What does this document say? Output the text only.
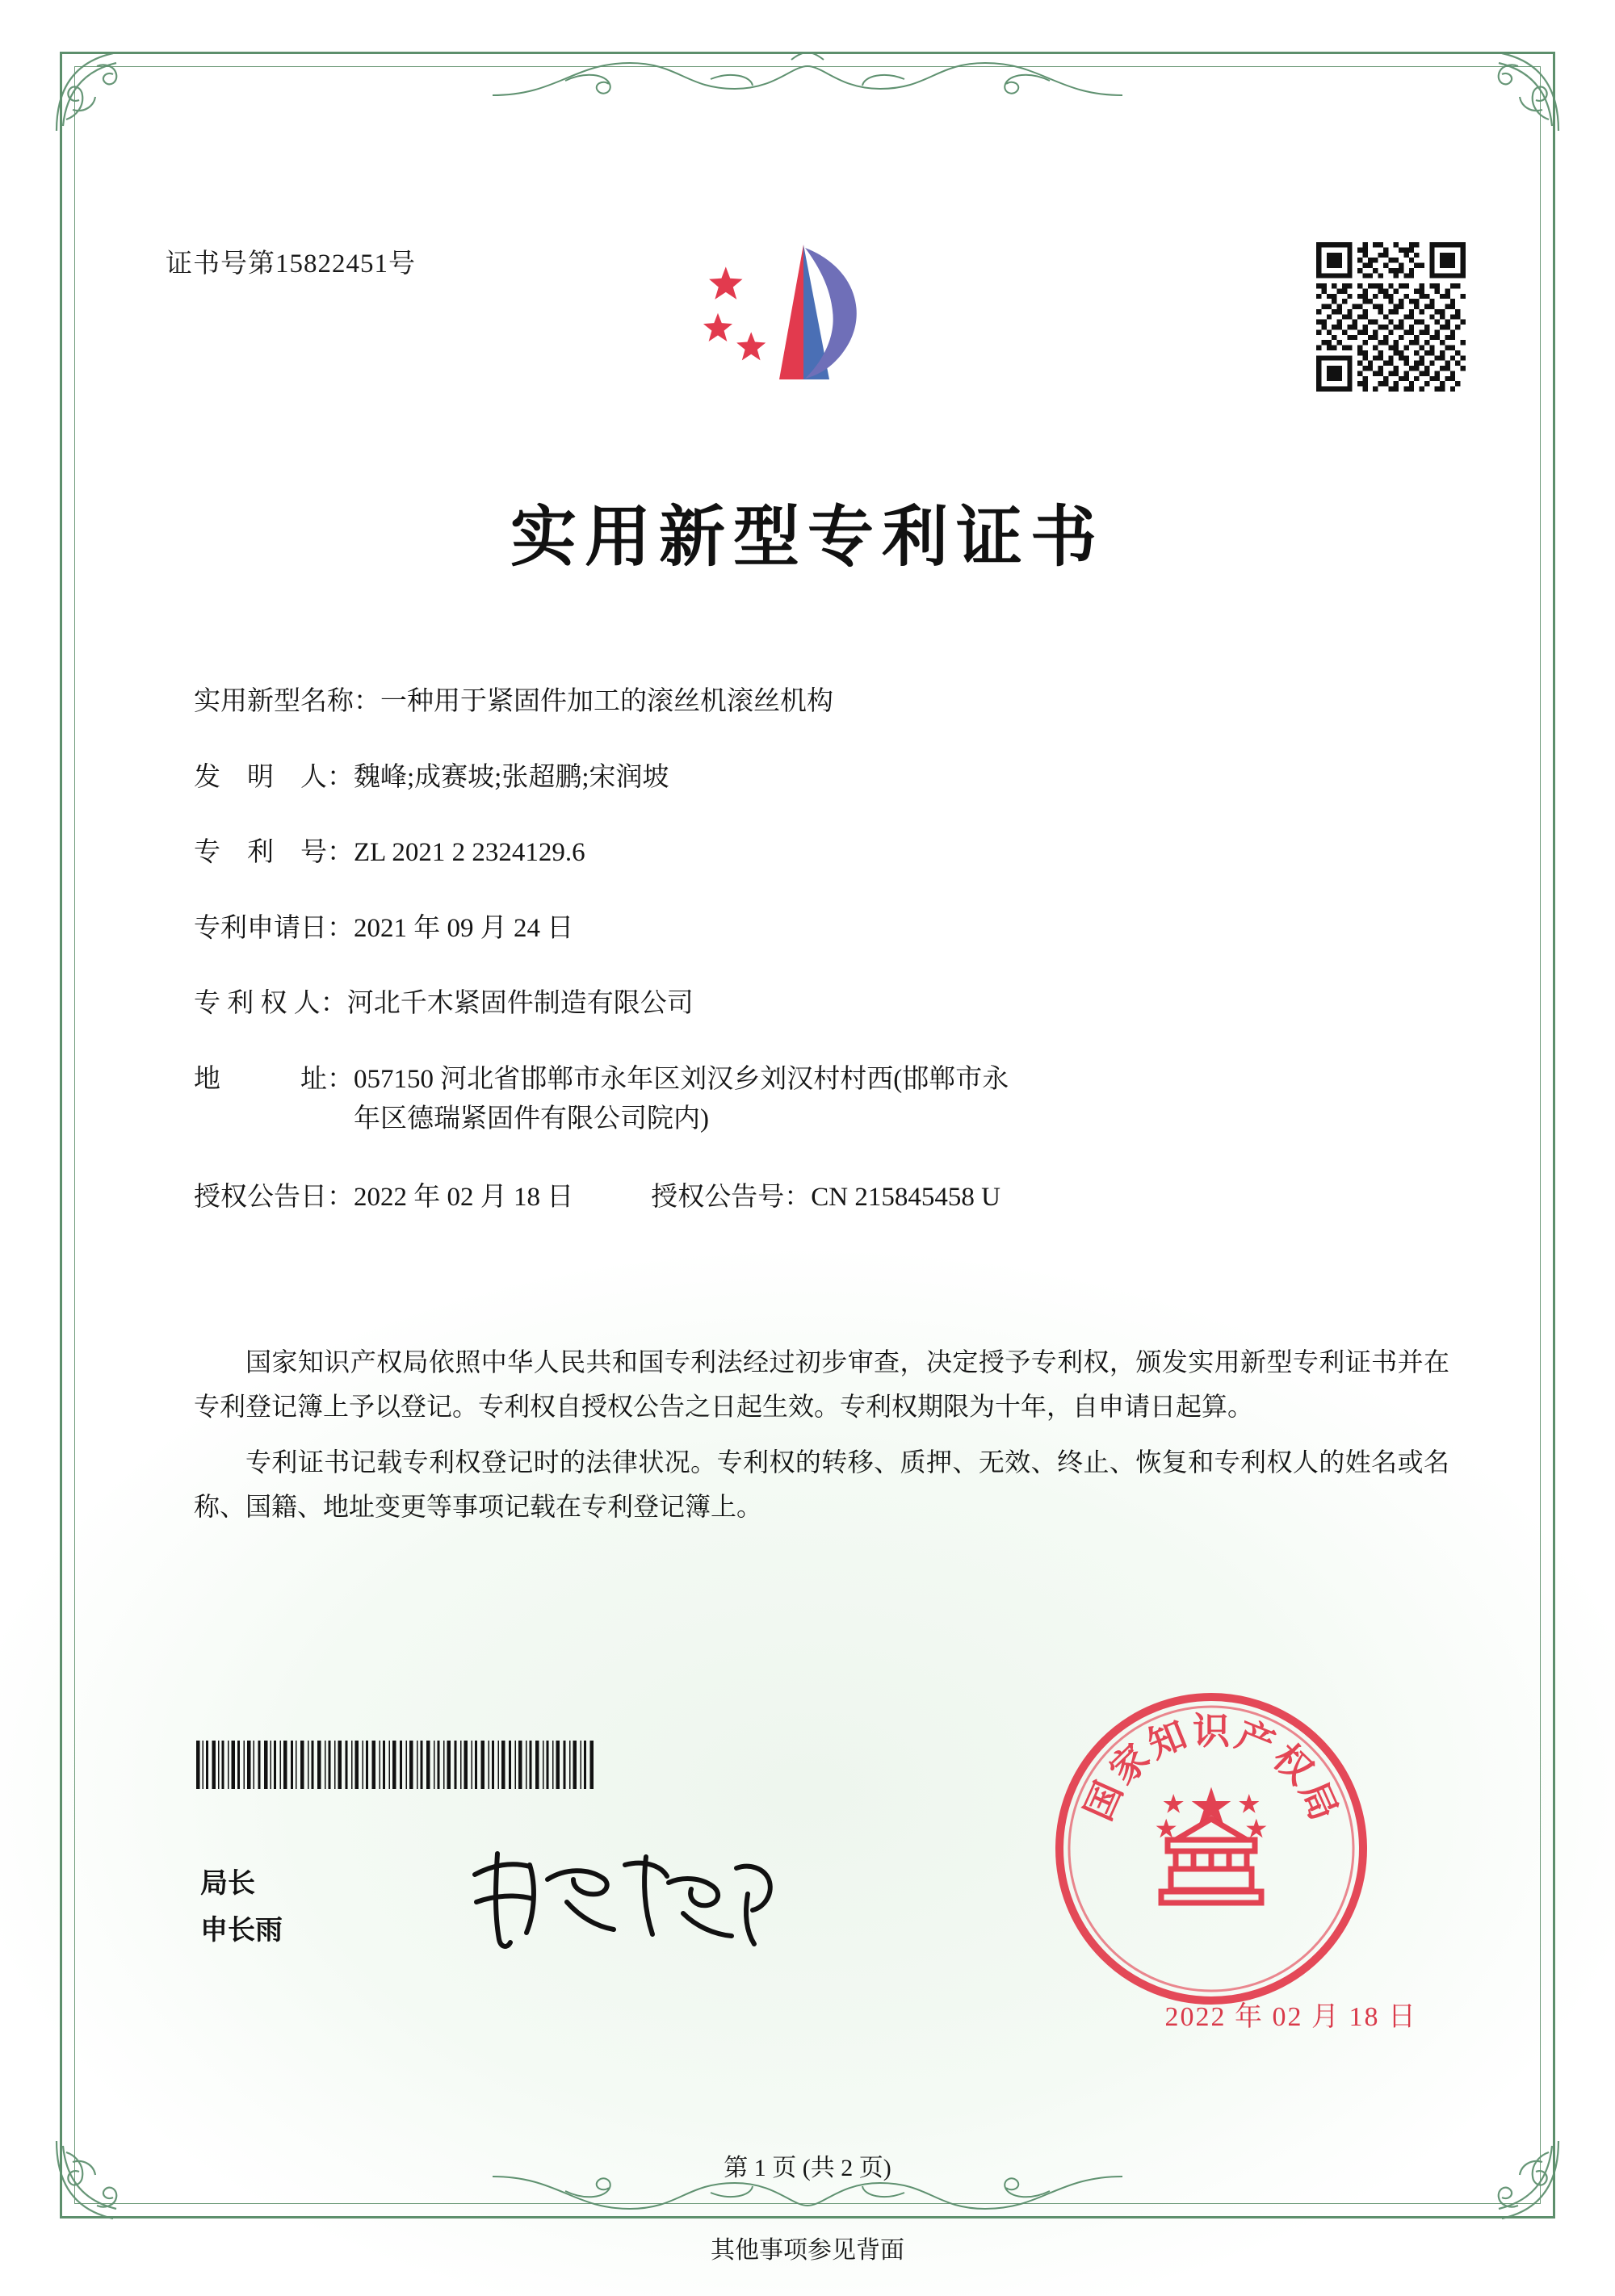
证书号第15822451号
实用新型专利证书
实用新型名称： 一种用于紧固件加工的滚丝机滚丝机构
发　明　人： 魏峰;成赛坡;张超鹏;宋润坡
专　利　号： ZL 2021 2 2324129.6
专利申请日： 2021 年 09 月 24 日
专 利 权 人： 河北千木紧固件制造有限公司
地　　　址： 057150 河北省邯郸市永年区刘汉乡刘汉村村西(邯郸市永
年区德瑞紧固件有限公司院内)
授权公告日： 2022 年 02 月 18 日	授权公告号： CN 215845458 U

国家知识产权局依照中华人民共和国专利法经过初步审查，决定授予专利权，颁发实用新型专利证书并在专利登记簿上予以登记。专利权自授权公告之日起生效。专利权期限为十年，自申请日起算。

专利证书记载专利权登记时的法律状况。专利权的转移、质押、无效、终止、恢复和专利权人的姓名或名称、国籍、地址变更等事项记载在专利登记簿上。

局长
申长雨
国
家
知 识 产
权
局
2022 年 02 月 18 日
第 1 页 (共 2 页)
其他事项参见背面
